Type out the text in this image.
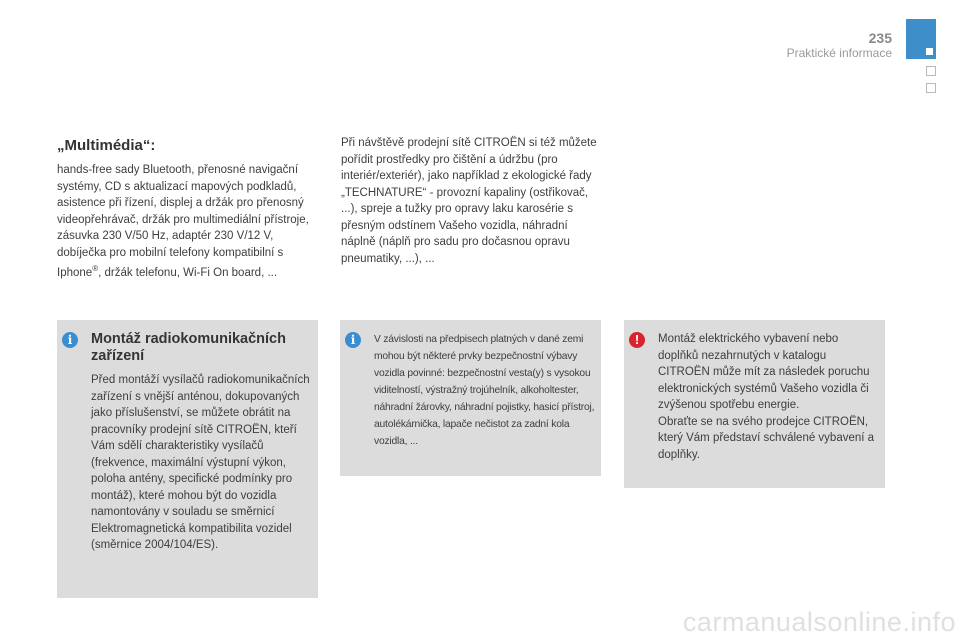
235
Praktické informace
„Multimédia“:

hands-free sady Bluetooth, přenosné navigační systémy, CD s aktualizací mapových podkladů, asistence při řízení, displej a držák pro přenosný videopřehrávač, držák pro multimediální přístroje, zásuvka 230 V/50 Hz, adaptér 230 V/12 V, dobíječka pro mobilní telefony kompatibilní s Iphone®, držák telefonu, Wi-Fi On board, ...

Při návštěvě prodejní sítě CITROËN si též můžete pořídit prostředky pro čištění a údržbu (pro interiér/exteriér), jako například z ekologické řady „TECHNATURE“ - provozní kapaliny (ostřikovač, ...), spreje a tužky pro opravy laku karosérie s přesným odstínem Vašeho vozidla, náhradní náplně (náplň pro sadu pro dočasnou opravu pneumatiky, ...), ...

i	Montáž radiokomunikačních zařízení

Před montáží vysílačů radiokomunikačních zařízení s vnější anténou, dokupovaných jako příslušenství, se můžete obrátit na pracovníky prodejní sítě CITROËN, kteří Vám sdělí charakteristiky vysílačů (frekvence, maximální výstupní výkon, poloha antény, specifické podmínky pro montáž), které mohou být do vozidla namontovány v souladu se směrnicí Elektromagnetická kompatibilita vozidel (směrnice 2004/104/ES).

i	V závislosti na předpisech platných v dané zemi mohou být některé prvky bezpečnostní výbavy vozidla povinné: bezpečnostní vesta(y) s vysokou viditelností, výstražný trojúhelník, alkoholtester, náhradní žárovky, náhradní pojistky, hasicí přístroj, autolékárnička, lapače nečistot za zadní kola vozidla, ...

!	Montáž elektrického vybavení nebo doplňků nezahrnutých v katalogu CITROËN může mít za následek poruchu elektronických systémů Vašeho vozidla či zvýšenou spotřebu energie.
Obraťte se na svého prodejce CITROËN, který Vám představí schválené vybavení a doplňky.
carmanualsonline.info
